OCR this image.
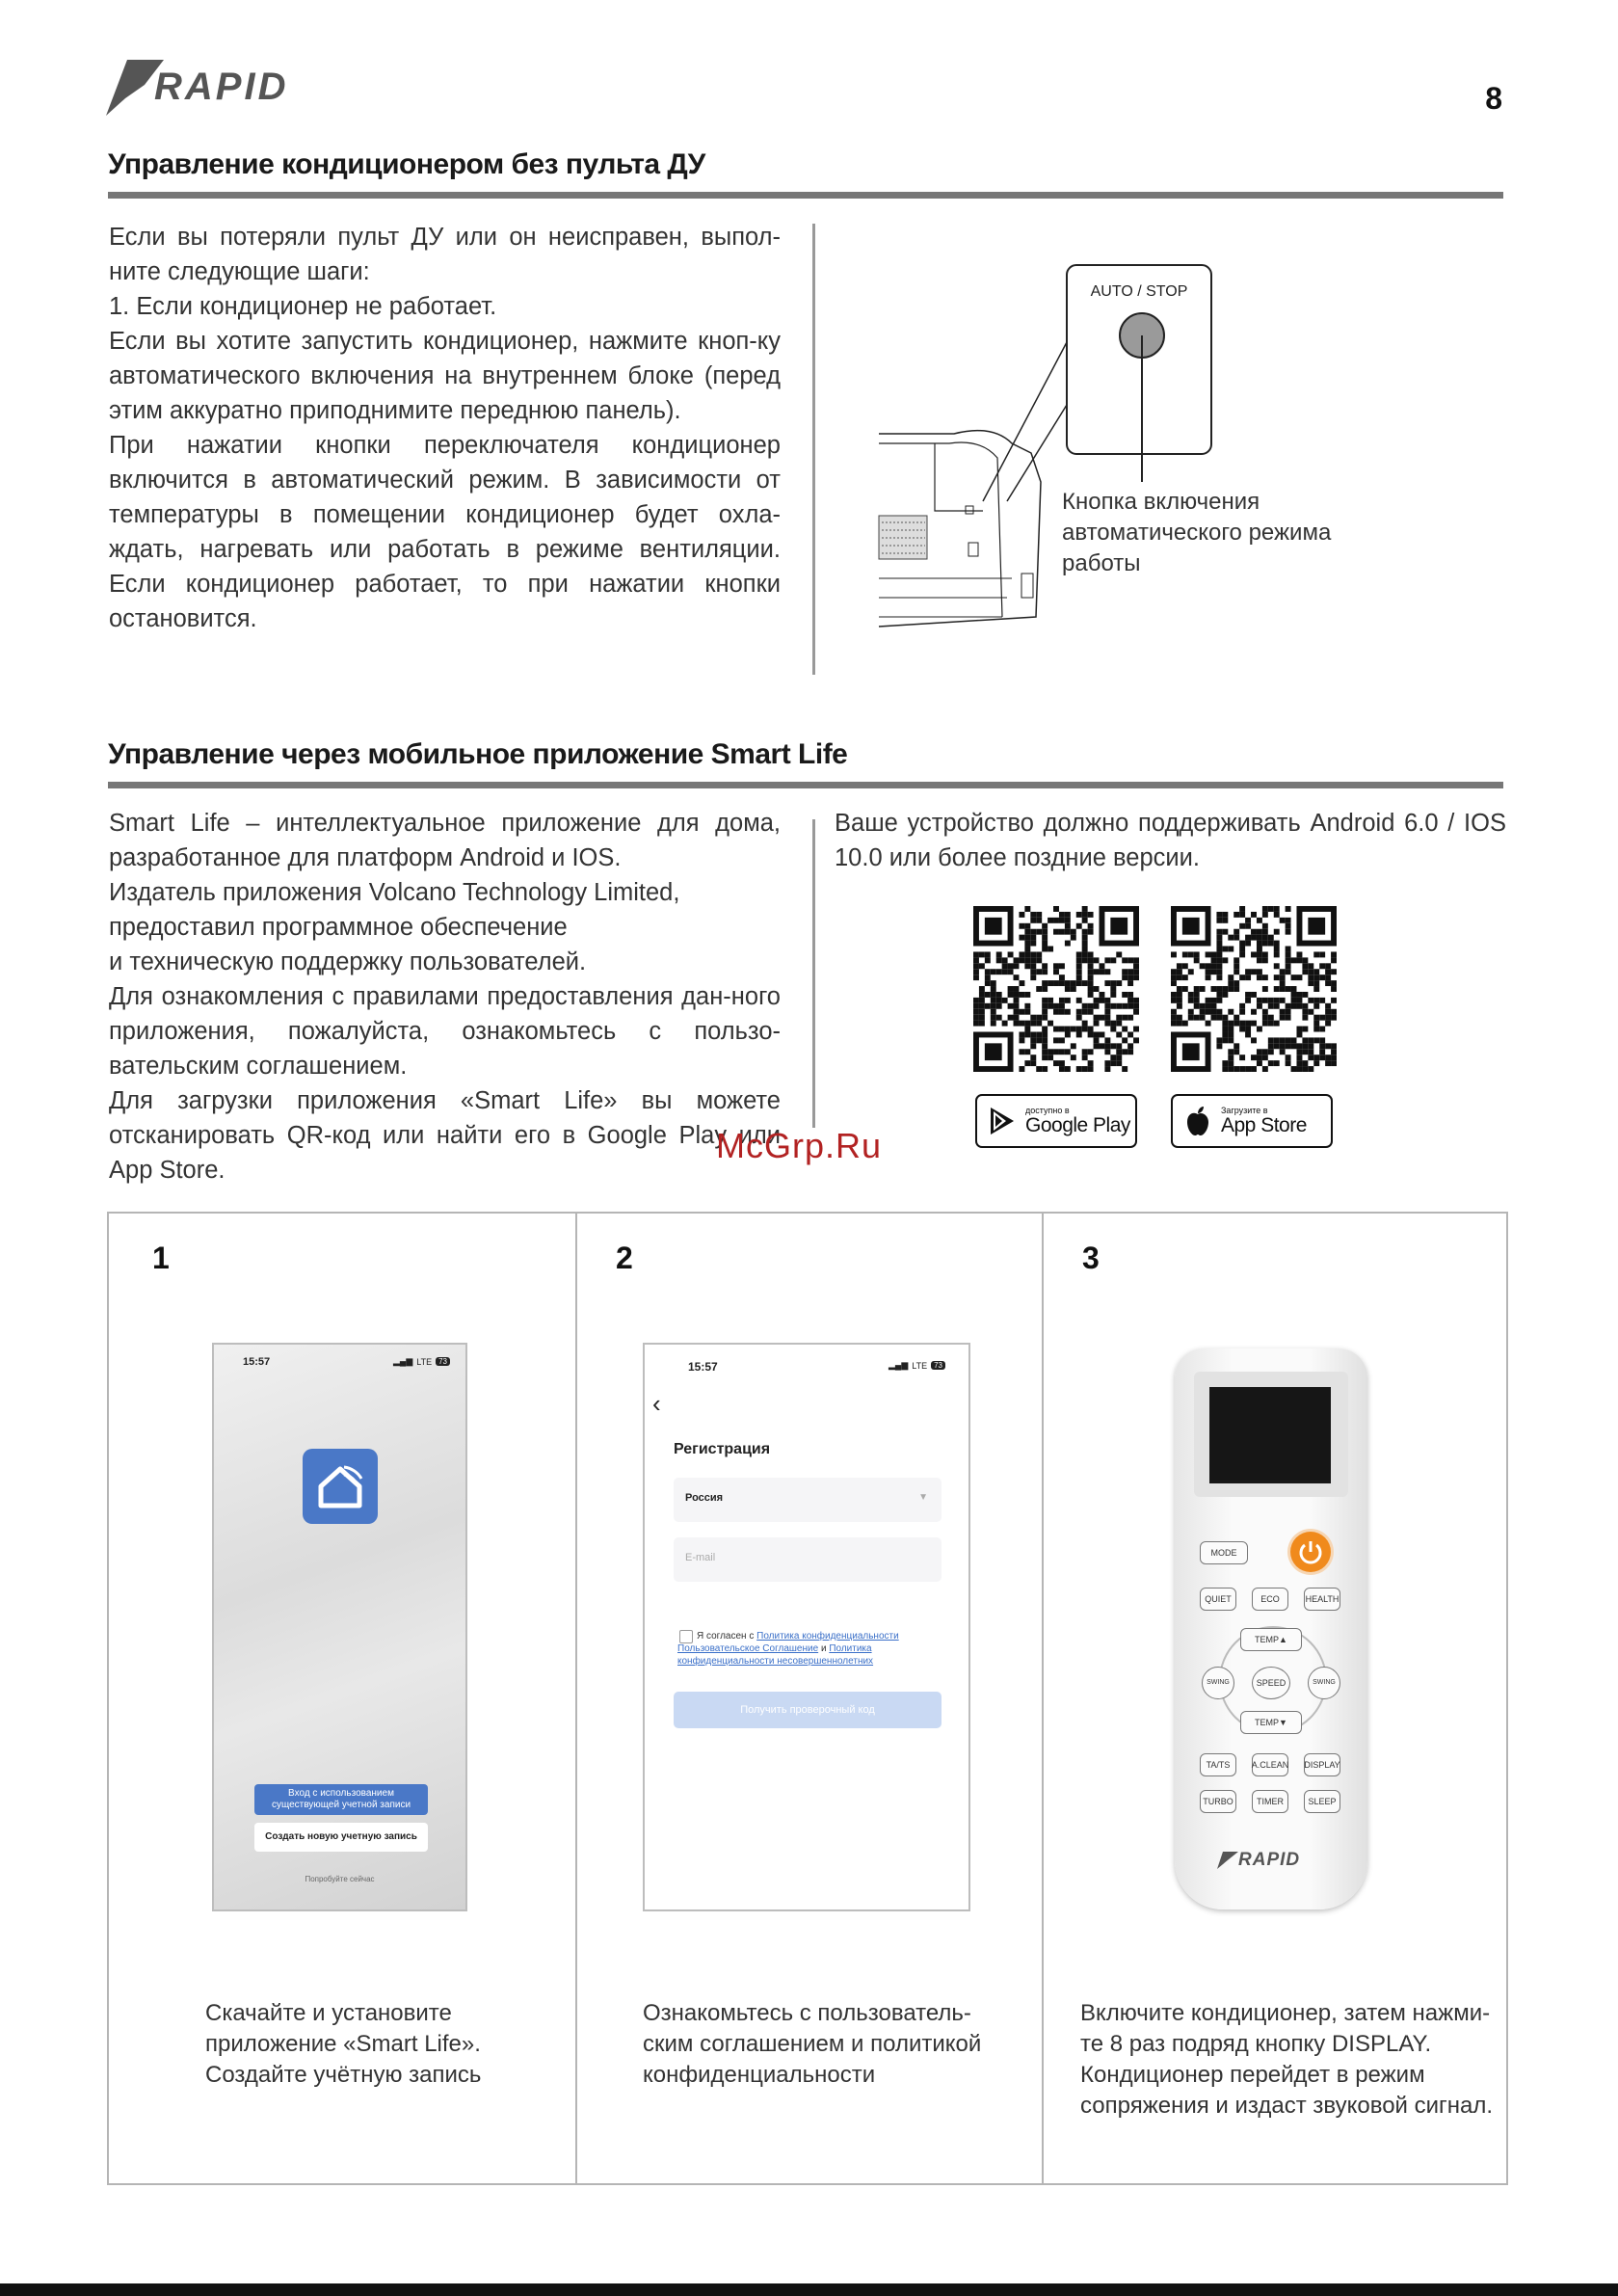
RAPID	8
Управление кондиционером без пульта ДУ

Если вы потеряли пульт ДУ или он неисправен, выпол-ните следующие шаги:

1. Если кондиционер не работает.

Если вы хотите запустить кондиционер, нажмите кноп-ку автоматического включения на внутреннем блоке (перед этим аккуратно приподнимите переднюю панель).

При нажатии кнопки переключателя кондиционер включится в автоматический режим. В зависимости от температуры в помещении кондиционер будет охла-ждать, нагревать или работать в режиме вентиляции. Если кондиционер работает, то при нажатии кнопки остановится.

AUTO / STOP
Кнопка включения автоматического режима работы
Управление через мобильное приложение Smart Life

Smart Life – интеллектуальное приложение для дома, разработанное для платформ Android и IOS.

Издатель приложения Volcano Technology Limited, предоставил программное обеспечение

и техническую поддержку пользователей.

Для ознакомления с правилами предоставления дан-ного приложения, пожалуйста, ознакомьтесь с пользо-вательским соглашением.

Для загрузки приложения «Smart Life» вы можете отсканировать QR-код или найти его в Google Play или App Store.

Ваше устройство должно поддерживать Android 6.0 / IOS 10.0 или более поздние версии.
доступно в
Google Play
Загрузите в
App Store
McGrp.Ru
1
15:57	▂▄▆ LTE 73
Вход с использованием существующей учетной записи
Создать новую учетную запись
Попробуйте сейчас
Скачайте и установите
приложение «Smart Life».
Создайте учётную запись
2
15:57	▂▄▆ LTE 73
‹
Регистрация
Россия	▼
E-mail
Я согласен с Политика конфиденциальности Пользовательское Соглашение и Политика конфиденциальности несовершеннолетних
Получить проверочный код
Ознакомьтесь с пользователь-
ским соглашением и политикой
конфиденциальности
3
MODE
QUIET	ECO	HEALTH
TEMP▲
SWING	SPEED	SWING
TEMP▼
TA/TS	A.CLEAN DISPLAY
TURBO	TIMER	SLEEP
RAPID
Включите кондиционер, затем нажми-
те 8 раз подряд кнопку DISPLAY.
Кондиционер перейдет в режим
сопряжения и издаст звуковой сигнал.
